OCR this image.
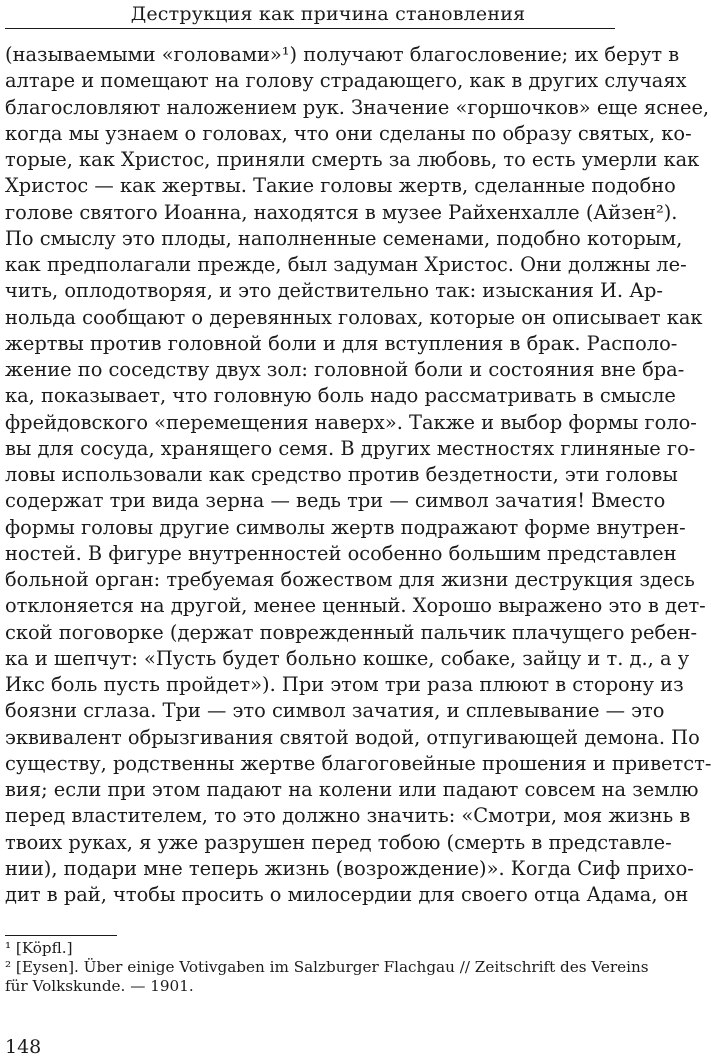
Деструкция как причина становления
(называемыми «головами»¹) получают благословение; их берут в
алтаре и помещают на голову страдающего, как в других случаях
благословляют наложением рук. Значение «горшочков» еще яснее,
когда мы узнаем о головах, что они сделаны по образу святых, ко-
торые, как Христос, приняли смерть за любовь, то есть умерли как
Христос — как жертвы. Такие головы жертв, сделанные подобно
голове святого Иоанна, находятся в музее Райхенхалле (Айзен²).
По смыслу это плоды, наполненные семенами, подобно которым,
как предполагали прежде, был задуман Христос. Они должны ле-
чить, оплодотворяя, и это действительно так: изыскания И. Ар-
нольда сообщают о деревянных головах, которые он описывает как
жертвы против головной боли и для вступления в брак. Располо-
жение по соседству двух зол: головной боли и состояния вне бра-
ка, показывает, что головную боль надо рассматривать в смысле
фрейдовского «перемещения наверх». Также и выбор формы голо-
вы для сосуда, хранящего семя. В других местностях глиняные го-
ловы использовали как средство против бездетности, эти головы
содержат три вида зерна — ведь три — символ зачатия! Вместо
формы головы другие символы жертв подражают форме внутрен-
ностей. В фигуре внутренностей особенно большим представлен
больной орган: требуемая божеством для жизни деструкция здесь
отклоняется на другой, менее ценный. Хорошо выражено это в дет-
ской поговорке (держат поврежденный пальчик плачущего ребен-
ка и шепчут: «Пусть будет больно кошке, собаке, зайцу и т. д., а у
Икс боль пусть пройдет»). При этом три раза плюют в сторону из
боязни сглаза. Три — это символ зачатия, и сплевывание — это
эквивалент обрызгивания святой водой, отпугивающей демона. По
существу, родственны жертве благоговейные прошения и приветст-
вия; если при этом падают на колени или падают совсем на землю
перед властителем, то это должно значить: «Смотри, моя жизнь в
твоих руках, я уже разрушен перед тобою (смерть в представле-
нии), подари мне теперь жизнь (возрождение)». Когда Сиф прихо-
дит в рай, чтобы просить о милосердии для своего отца Адама, он
¹ [Köpfl.]
² [Eysen]. Über einige Votivgaben im Salzburger Flachgau // Zeitschrift des Vereins
für Volkskunde. — 1901.
148
